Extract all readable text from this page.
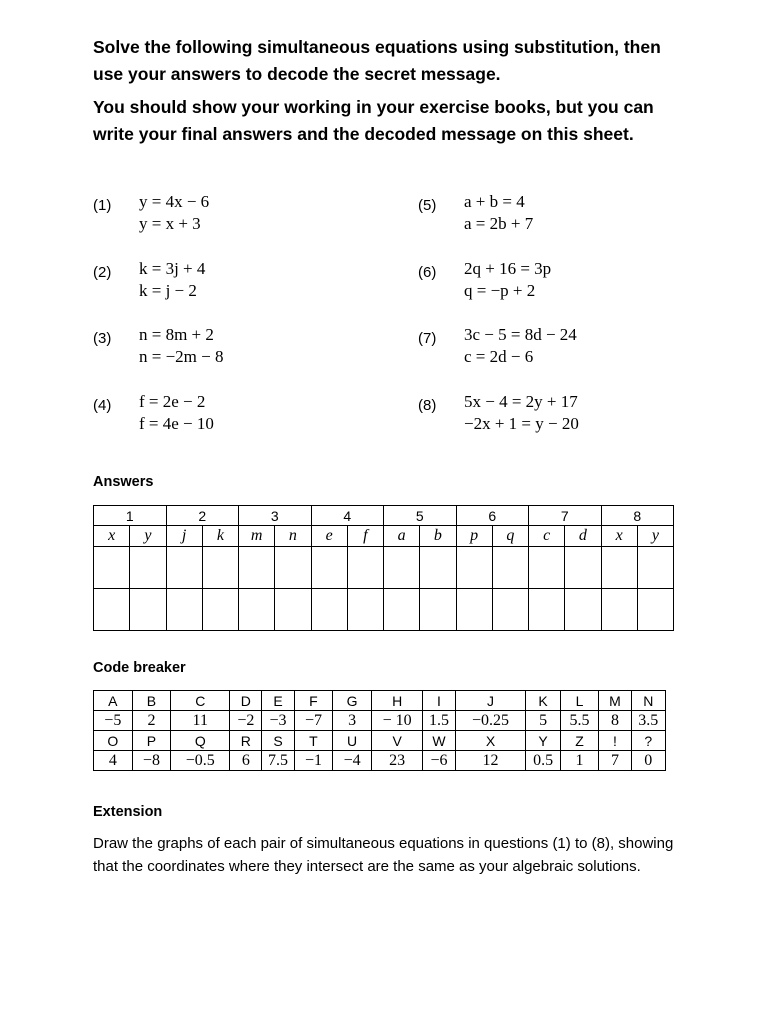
Solve the following simultaneous equations using substitution, then use your answers to decode the secret message.

You should show your working in your exercise books, but you can write your final answers and the decoded message on this sheet.

(1) y = 4x − 6
y = x + 3
(2) k = 3j + 4
k = j − 2
(3) n = 8m + 2
n = −2m − 8
(4) f = 2e − 2
f = 4e − 10
(5) a + b = 4
a = 2b + 7
(6) 2q + 16 = 3p
q = −p + 2
(7) 3c − 5 = 8d − 24
c = 2d − 6
(8) 5x − 4 = 2y + 17
−2x + 1 = y − 20

Answers

1		2		3		4		5		6		7		8	
x	y	j	k	m	n	e	f	a	b	p	q	c	d	x	y

Code breaker

A	B	C	D	E	F	G	H	I	J	K	L	M	N
−5	2	11	−2	−3	−7	3	− 10	1.5	−0.25	5	5.5	8	3.5
O	P	Q	R	S	T	U	V	W	X	Y	Z	!	?
4	−8	−0.5	6	7.5	−1	−4	23	−6	12	0.5	1	7	0

Extension

Draw the graphs of each pair of simultaneous equations in questions (1) to (8), showing that the coordinates where they intersect are the same as your algebraic solutions.
